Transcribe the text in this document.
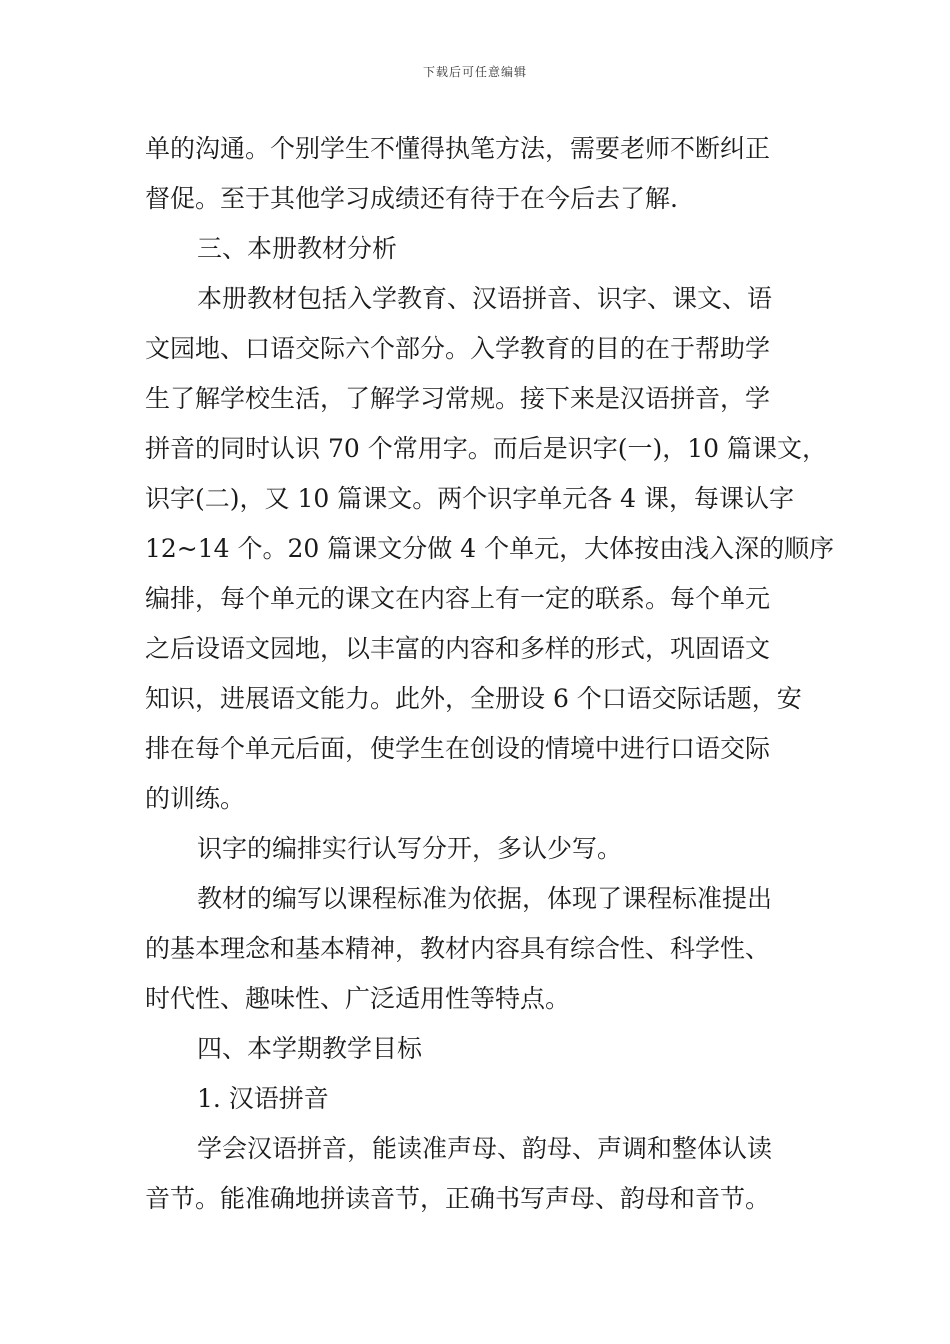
下载后可任意编辑
单的沟通。个别学生不懂得执笔方法，需要老师不断纠正
督促。至于其他学习成绩还有待于在今后去了解.
三、本册教材分析
本册教材包括入学教育、汉语拼音、识字、课文、语
文园地、口语交际六个部分。入学教育的目的在于帮助学
生了解学校生活，了解学习常规。接下来是汉语拼音，学
拼音的同时认识 70 个常用字。而后是识字(一)，10 篇课文，
识字(二)，又 10 篇课文。两个识字单元各 4 课，每课认字
12~14 个。20 篇课文分做 4 个单元，大体按由浅入深的顺序
编排，每个单元的课文在内容上有一定的联系。每个单元
之后设语文园地，以丰富的内容和多样的形式，巩固语文
知识，进展语文能力。此外，全册设 6 个口语交际话题，安
排在每个单元后面，使学生在创设的情境中进行口语交际
的训练。
识字的编排实行认写分开，多认少写。
教材的编写以课程标准为依据，体现了课程标准提出
的基本理念和基本精神，教材内容具有综合性、科学性、
时代性、趣味性、广泛适用性等特点。
四、本学期教学目标
1. 汉语拼音
学会汉语拼音，能读准声母、韵母、声调和整体认读
音节。能准确地拼读音节，正确书写声母、韵母和音节。
